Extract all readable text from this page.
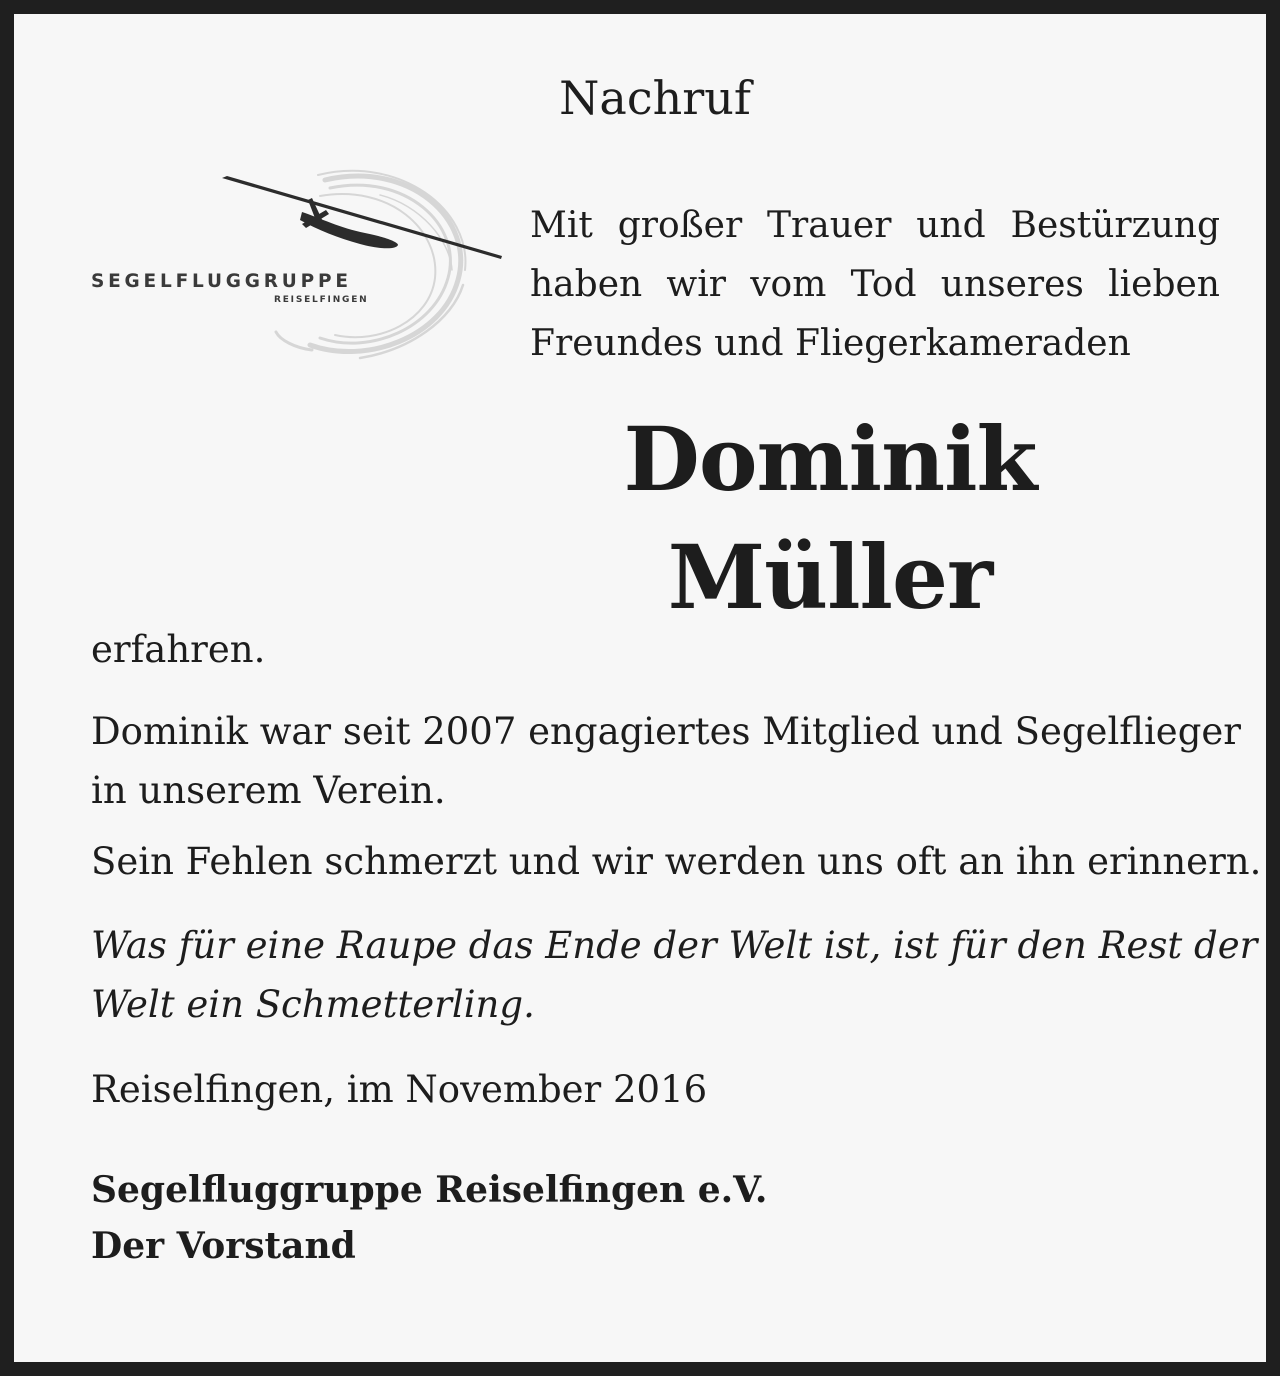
Nachruf
SEGELFLUGGRUPPE
REISELFINGEN

Mit großer Trauer und Bestürzung
haben wir vom Tod unseres lieben
Freundes und Fliegerkameraden

Dominik
Müller

erfahren.

Dominik war seit 2007 engagiertes Mitglied und Segelflieger
in unserem Verein.

Sein Fehlen schmerzt und wir werden uns oft an ihn erinnern.

Was für eine Raupe das Ende der Welt ist, ist für den Rest der
Welt ein Schmetterling.

Reiselfingen, im November 2016

Segelfluggruppe Reiselfingen e.V.
Der Vorstand
